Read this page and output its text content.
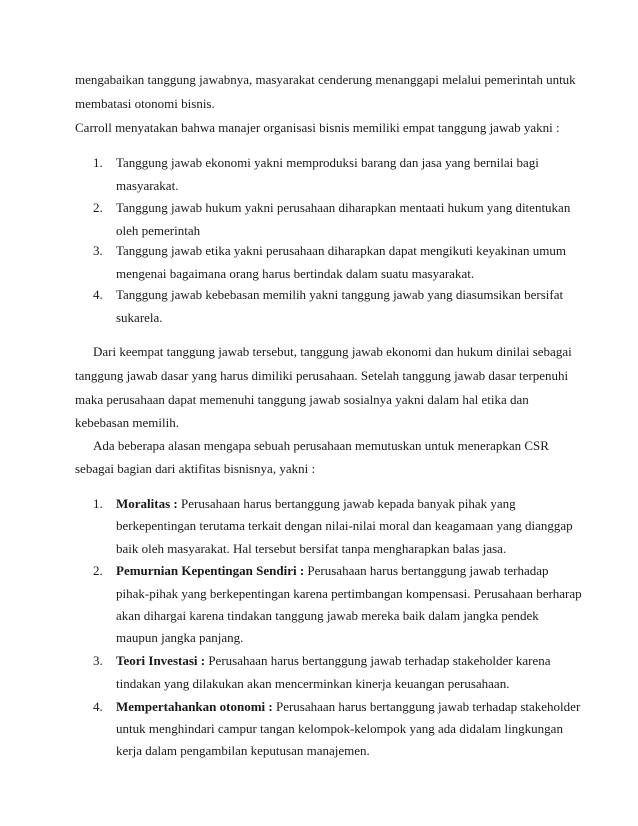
mengabaikan tanggung jawabnya, masyarakat cenderung menanggapi melalui pemerintah untuk
membatasi otonomi bisnis.
Carroll menyatakan bahwa manajer organisasi bisnis memiliki empat tanggung jawab yakni :
1. Tanggung jawab ekonomi yakni memproduksi barang dan jasa yang bernilai bagi
masyarakat.
2. Tanggung jawab hukum yakni perusahaan diharapkan mentaati hukum yang ditentukan
oleh pemerintah
3. Tanggung jawab etika yakni perusahaan diharapkan dapat mengikuti keyakinan umum
mengenai bagaimana orang harus bertindak dalam suatu masyarakat.
4. Tanggung jawab kebebasan memilih yakni tanggung jawab yang diasumsikan bersifat
sukarela.
Dari keempat tanggung jawab tersebut, tanggung jawab ekonomi dan hukum dinilai sebagai
tanggung jawab dasar yang harus dimiliki perusahaan. Setelah tanggung jawab dasar terpenuhi
maka perusahaan dapat memenuhi tanggung jawab sosialnya yakni dalam hal etika dan
kebebasan memilih.
Ada beberapa alasan mengapa sebuah perusahaan memutuskan untuk menerapkan CSR
sebagai bagian dari aktifitas bisnisnya, yakni :
1. Moralitas : Perusahaan harus bertanggung jawab kepada banyak pihak yang
berkepentingan terutama terkait dengan nilai-nilai moral dan keagamaan yang dianggap
baik oleh masyarakat. Hal tersebut bersifat tanpa mengharapkan balas jasa.
2. Pemurnian Kepentingan Sendiri : Perusahaan harus bertanggung jawab terhadap
pihak-pihak yang berkepentingan karena pertimbangan kompensasi. Perusahaan berharap
akan dihargai karena tindakan tanggung jawab mereka baik dalam jangka pendek
maupun jangka panjang.
3. Teori Investasi : Perusahaan harus bertanggung jawab terhadap stakeholder karena
tindakan yang dilakukan akan mencerminkan kinerja keuangan perusahaan.
4. Mempertahankan otonomi : Perusahaan harus bertanggung jawab terhadap stakeholder
untuk menghindari campur tangan kelompok-kelompok yang ada didalam lingkungan
kerja dalam pengambilan keputusan manajemen.
